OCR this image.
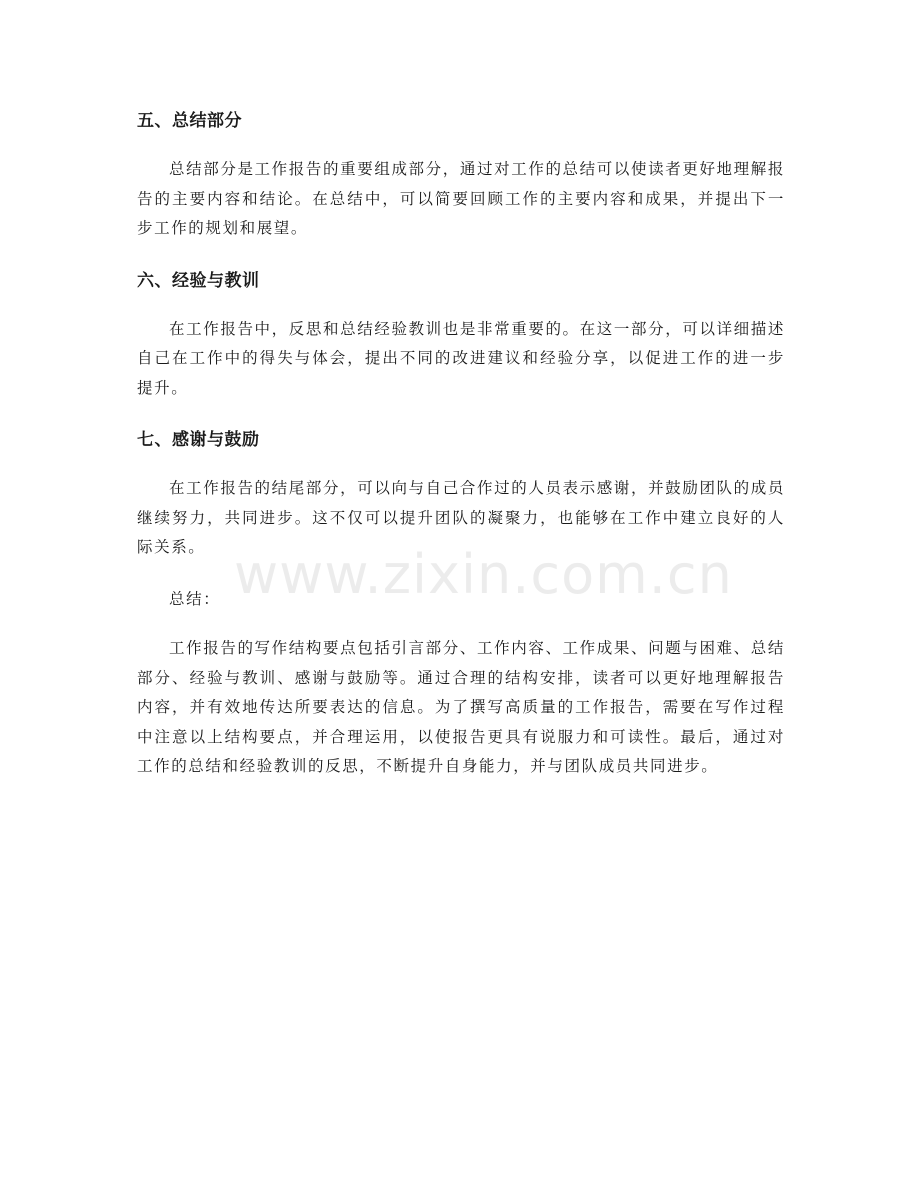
五、总结部分

总结部分是工作报告的重要组成部分，通过对工作的总结可以使读者更好地理解报告的主要内容和结论。在总结中，可以简要回顾工作的主要内容和成果，并提出下一步工作的规划和展望。

六、经验与教训

在工作报告中，反思和总结经验教训也是非常重要的。在这一部分，可以详细描述自己在工作中的得失与体会，提出不同的改进建议和经验分享，以促进工作的进一步提升。

七、感谢与鼓励

在工作报告的结尾部分，可以向与自己合作过的人员表示感谢，并鼓励团队的成员继续努力，共同进步。这不仅可以提升团队的凝聚力，也能够在工作中建立良好的人际关系。

总结：

工作报告的写作结构要点包括引言部分、工作内容、工作成果、问题与困难、总结部分、经验与教训、感谢与鼓励等。通过合理的结构安排，读者可以更好地理解报告内容，并有效地传达所要表达的信息。为了撰写高质量的工作报告，需要在写作过程中注意以上结构要点，并合理运用，以使报告更具有说服力和可读性。最后，通过对工作的总结和经验教训的反思，不断提升自身能力，并与团队成员共同进步。

www.zixin.com.cn
